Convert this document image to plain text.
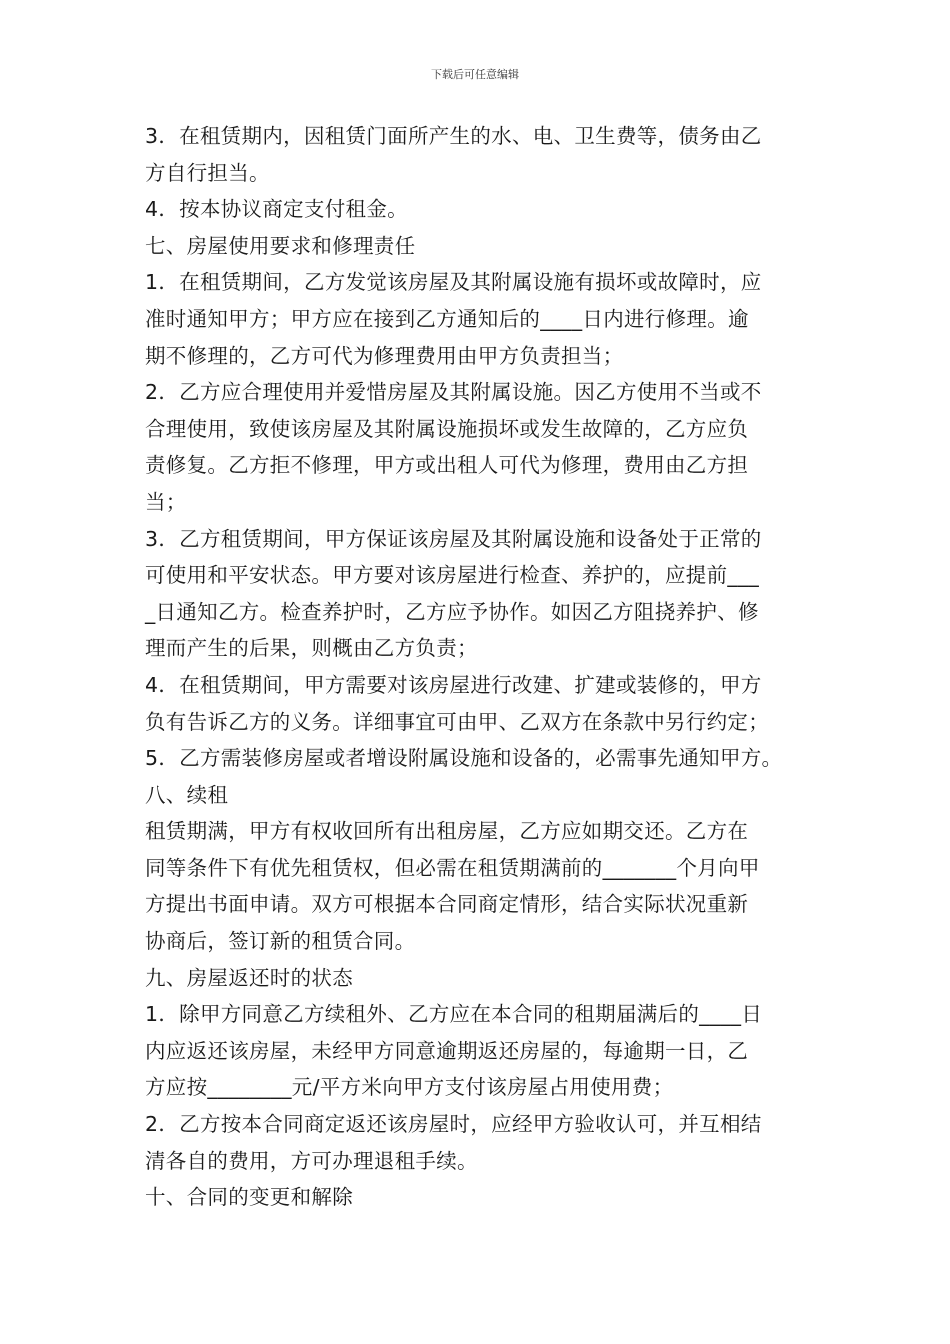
下载后可任意编辑
3．在租赁期内，因租赁门面所产生的水、电、卫生费等，债务由乙
方自行担当。
4．按本协议商定支付租金。
七、房屋使用要求和修理责任
1．在租赁期间，乙方发觉该房屋及其附属设施有损坏或故障时，应
准时通知甲方；甲方应在接到乙方通知后的____日内进行修理。逾
期不修理的，乙方可代为修理费用由甲方负责担当；
2．乙方应合理使用并爱惜房屋及其附属设施。因乙方使用不当或不
合理使用，致使该房屋及其附属设施损坏或发生故障的，乙方应负
责修复。乙方拒不修理，甲方或出租人可代为修理，费用由乙方担
当；
3．乙方租赁期间，甲方保证该房屋及其附属设施和设备处于正常的
可使用和平安状态。甲方要对该房屋进行检查、养护的，应提前___
_日通知乙方。检查养护时，乙方应予协作。如因乙方阻挠养护、修
理而产生的后果，则概由乙方负责；
4．在租赁期间，甲方需要对该房屋进行改建、扩建或装修的，甲方
负有告诉乙方的义务。详细事宜可由甲、乙双方在条款中另行约定；
5．乙方需装修房屋或者增设附属设施和设备的，必需事先通知甲方。
八、续租
租赁期满，甲方有权收回所有出租房屋，乙方应如期交还。乙方在
同等条件下有优先租赁权，但必需在租赁期满前的_______个月向甲
方提出书面申请。双方可根据本合同商定情形，结合实际状况重新
协商后，签订新的租赁合同。
九、房屋返还时的状态
1．除甲方同意乙方续租外、乙方应在本合同的租期届满后的____日
内应返还该房屋，未经甲方同意逾期返还房屋的，每逾期一日，乙
方应按________元/平方米向甲方支付该房屋占用使用费；
2．乙方按本合同商定返还该房屋时，应经甲方验收认可，并互相结
清各自的费用，方可办理退租手续。
十、合同的变更和解除
